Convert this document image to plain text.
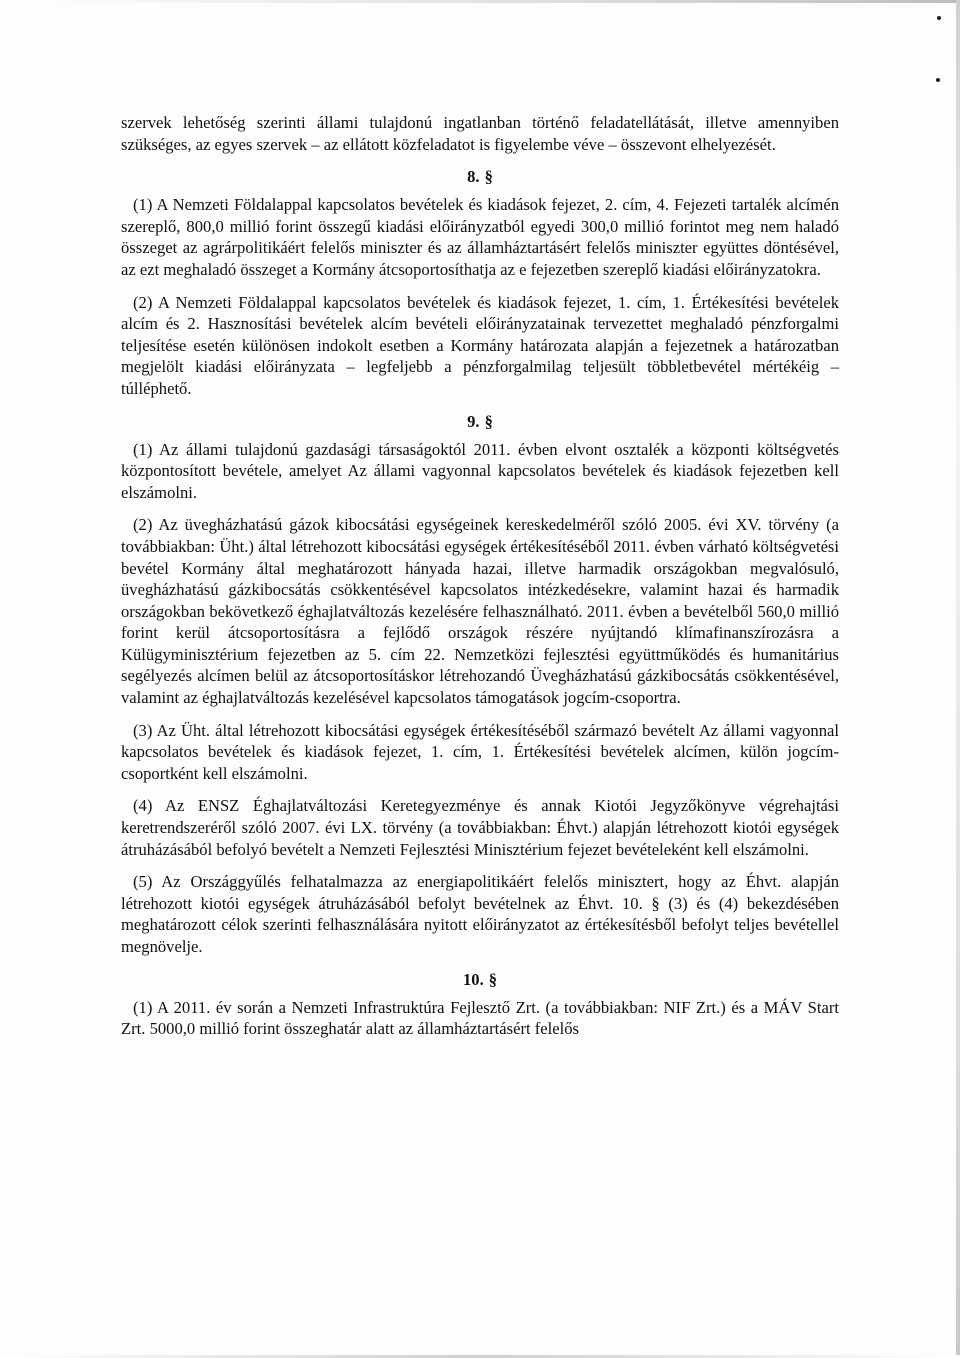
szervek lehetőség szerinti állami tulajdonú ingatlanban történő feladatellátását, illetve amennyiben szükséges, az egyes szervek – az ellátott közfeladatot is figyelembe véve – összevont elhelyezését.

8. §

(1) A Nemzeti Földalappal kapcsolatos bevételek és kiadások fejezet, 2. cím, 4. Fejezeti tartalék alcímén szereplő, 800,0 millió forint összegű kiadási előirányzatból egyedi 300,0 millió forintot meg nem haladó összeget az agrárpolitikáért felelős miniszter és az államháztartásért felelős miniszter együttes döntésével, az ezt meghaladó összeget a Kormány átcsoportosíthatja az e fejezetben szereplő kiadási előirányzatokra.

(2) A Nemzeti Földalappal kapcsolatos bevételek és kiadások fejezet, 1. cím, 1. Értékesítési bevételek alcím és 2. Hasznosítási bevételek alcím bevételi előirányzatainak tervezettet meghaladó pénzforgalmi teljesítése esetén különösen indokolt esetben a Kormány határozata alapján a fejezetnek a határozatban megjelölt kiadási előirányzata – legfeljebb a pénzforgalmilag teljesült többletbevétel mértékéig – túlléphető.

9. §

(1) Az állami tulajdonú gazdasági társaságoktól 2011. évben elvont osztalék a központi költségvetés központosított bevétele, amelyet Az állami vagyonnal kapcsolatos bevételek és kiadások fejezetben kell elszámolni.

(2) Az üvegházhatású gázok kibocsátási egységeinek kereskedelméről szóló 2005. évi XV. törvény (a továbbiakban: Üht.) által létrehozott kibocsátási egységek értékesítéséből 2011. évben várható költségvetési bevétel Kormány által meghatározott hányada hazai, illetve harmadik országokban megvalósuló, üvegházhatású gázkibocsátás csökkentésével kapcsolatos intézkedésekre, valamint hazai és harmadik országokban bekövetkező éghajlatváltozás kezelésére felhasználható. 2011. évben a bevételből 560,0 millió forint kerül átcsoportosításra a fejlődő országok részére nyújtandó klímafinanszírozásra a Külügyminisztérium fejezetben az 5. cím 22. Nemzetközi fejlesztési együttműködés és humanitárius segélyezés alcímen belül az átcsoportosításkor létrehozandó Üvegházhatású gázkibocsátás csökkentésével, valamint az éghajlatváltozás kezelésével kapcsolatos támogatások jogcím-csoportra.

(3) Az Üht. által létrehozott kibocsátási egységek értékesítéséből származó bevételt Az állami vagyonnal kapcsolatos bevételek és kiadások fejezet, 1. cím, 1. Értékesítési bevételek alcímen, külön jogcím-csoportként kell elszámolni.

(4) Az ENSZ Éghajlatváltozási Keretegyezménye és annak Kiotói Jegyzőkönyve végrehajtási keretrendszeréről szóló 2007. évi LX. törvény (a továbbiakban: Éhvt.) alapján létrehozott kiotói egységek átruházásából befolyó bevételt a Nemzeti Fejlesztési Minisztérium fejezet bevételeként kell elszámolni.

(5) Az Országgyűlés felhatalmazza az energiapolitikáért felelős minisztert, hogy az Éhvt. alapján létrehozott kiotói egységek átruházásából befolyt bevételnek az Éhvt. 10. § (3) és (4) bekezdésében meghatározott célok szerinti felhasználására nyitott előirányzatot az értékesítésből befolyt teljes bevétellel megnövelje.

10. §

(1) A 2011. év során a Nemzeti Infrastruktúra Fejlesztő Zrt. (a továbbiakban: NIF Zrt.) és a MÁV Start Zrt. 5000,0 millió forint összeghatár alatt az államháztartásért felelős
